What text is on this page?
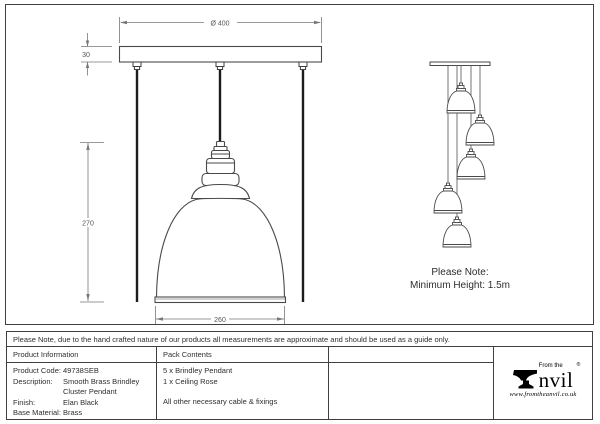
Ø 400
30
270
260
Please Note:
Minimum Height: 1.5m
Please Note, due to the hand crafted nature of our products all measurements are approximate and should be used as a guide only.
Product Information	Pack Contents
nvil
From the	®
www.fromtheanvil.co.uk
Product Code: 49738SEB
Description:	Smooth Brass Brindley
Cluster Pendant
Finish:	Elan Black
Base Material: Brass
5 x Brindley Pendant
1 x Ceiling Rose
All other necessary cable & fixings
